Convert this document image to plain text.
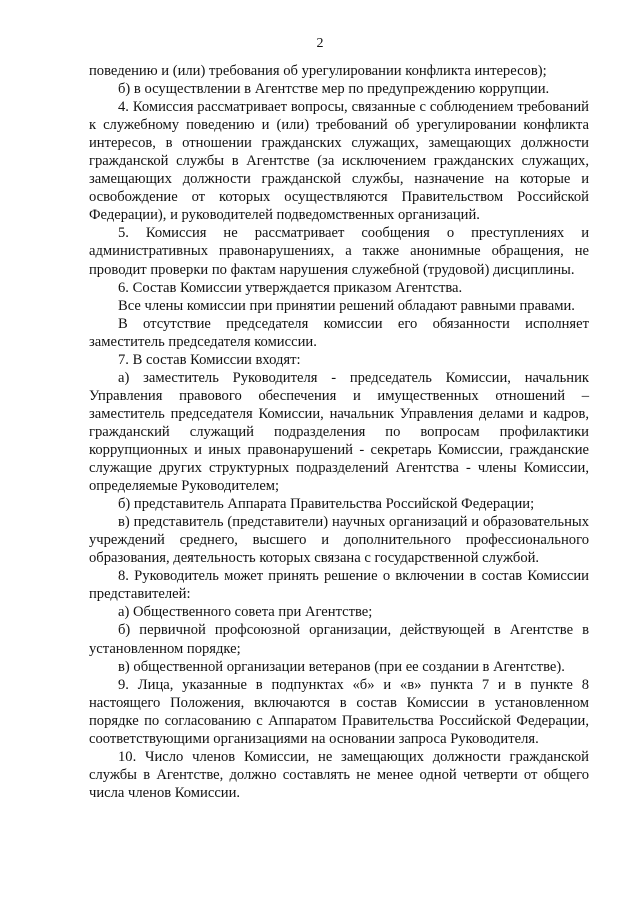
2

поведению и (или) требования об урегулировании конфликта интересов);

б) в осуществлении в Агентстве мер по предупреждению коррупции.

4. Комиссия рассматривает вопросы, связанные с соблюдением требований к служебному поведению и (или) требований об урегулировании конфликта интересов, в отношении гражданских служащих, замещающих должности гражданской службы в Агентстве (за исключением гражданских служащих, замещающих должности гражданской службы, назначение на которые и освобождение от которых осуществляются Правительством Российской Федерации), и руководителей подведомственных организаций.

5. Комиссия не рассматривает сообщения о преступлениях и административных правонарушениях, а также анонимные обращения, не проводит проверки по фактам нарушения служебной (трудовой) дисциплины.

6. Состав Комиссии утверждается приказом Агентства.

Все члены комиссии при принятии решений обладают равными правами.

В отсутствие председателя комиссии его обязанности исполняет заместитель председателя комиссии.

7. В состав Комиссии входят:

а) заместитель Руководителя - председатель Комиссии, начальник Управления правового обеспечения и имущественных отношений – заместитель председателя Комиссии, начальник Управления делами и кадров, гражданский служащий подразделения по вопросам профилактики коррупционных и иных правонарушений - секретарь Комиссии, гражданские служащие других структурных подразделений Агентства - члены Комиссии, определяемые Руководителем;

б) представитель Аппарата Правительства Российской Федерации;

в) представитель (представители) научных организаций и образовательных учреждений среднего, высшего и дополнительного профессионального образования, деятельность которых связана с государственной службой.

8. Руководитель может принять решение о включении в состав Комиссии представителей:

а) Общественного совета при Агентстве;

б) первичной профсоюзной организации, действующей в Агентстве в установленном порядке;

в) общественной организации ветеранов (при ее создании в Агентстве).

9. Лица, указанные в подпунктах «б» и «в» пункта 7 и в пункте 8 настоящего Положения, включаются в состав Комиссии в установленном порядке по согласованию с Аппаратом Правительства Российской Федерации, соответствующими организациями на основании запроса Руководителя.

10. Число членов Комиссии, не замещающих должности гражданской службы в Агентстве, должно составлять не менее одной четверти от общего числа членов Комиссии.
